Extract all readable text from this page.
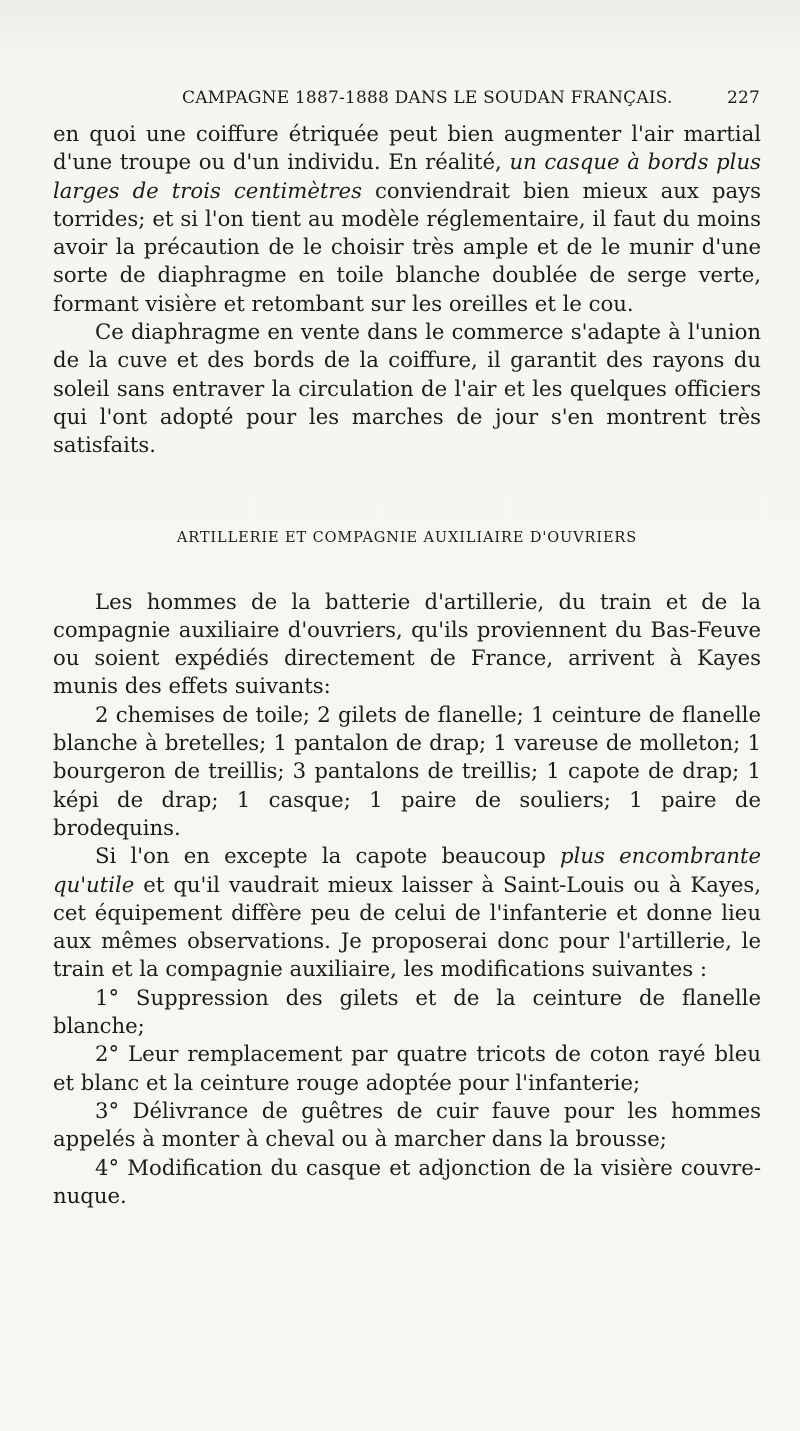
CAMPAGNE 1887-1888 DANS LE SOUDAN FRANÇAIS.	227

en quoi une coiffure étriquée peut bien augmenter l'air martial d'une troupe ou d'un individu. En réalité, un casque à bords plus larges de trois centimètres conviendrait bien mieux aux pays torrides; et si l'on tient au modèle réglementaire, il faut du moins avoir la précaution de le choisir très ample et de le munir d'une sorte de diaphragme en toile blanche doublée de serge verte, formant visière et retombant sur les oreilles et le cou.

Ce diaphragme en vente dans le commerce s'adapte à l'union de la cuve et des bords de la coiffure, il garantit des rayons du soleil sans entraver la circulation de l'air et les quelques officiers qui l'ont adopté pour les marches de jour s'en montrent très satisfaits.

ARTILLERIE ET COMPAGNIE AUXILIAIRE D'OUVRIERS

Les hommes de la batterie d'artillerie, du train et de la compagnie auxiliaire d'ouvriers, qu'ils proviennent du Bas-Feuve ou soient expédiés directement de France, arrivent à Kayes munis des effets suivants:

2 chemises de toile; 2 gilets de flanelle; 1 ceinture de flanelle blanche à bretelles; 1 pantalon de drap; 1 vareuse de molleton; 1 bourgeron de treillis; 3 pantalons de treillis; 1 capote de drap; 1 képi de drap; 1 casque; 1 paire de souliers; 1 paire de brodequins.

Si l'on en excepte la capote beaucoup plus encombrante qu'utile et qu'il vaudrait mieux laisser à Saint-Louis ou à Kayes, cet équipement diffère peu de celui de l'infanterie et donne lieu aux mêmes observations. Je proposerai donc pour l'artillerie, le train et la compagnie auxiliaire, les modifications suivantes :

1° Suppression des gilets et de la ceinture de flanelle blanche;

2° Leur remplacement par quatre tricots de coton rayé bleu et blanc et la ceinture rouge adoptée pour l'infanterie;

3° Délivrance de guêtres de cuir fauve pour les hommes appelés à monter à cheval ou à marcher dans la brousse;

4° Modification du casque et adjonction de la visière couvre-nuque.
